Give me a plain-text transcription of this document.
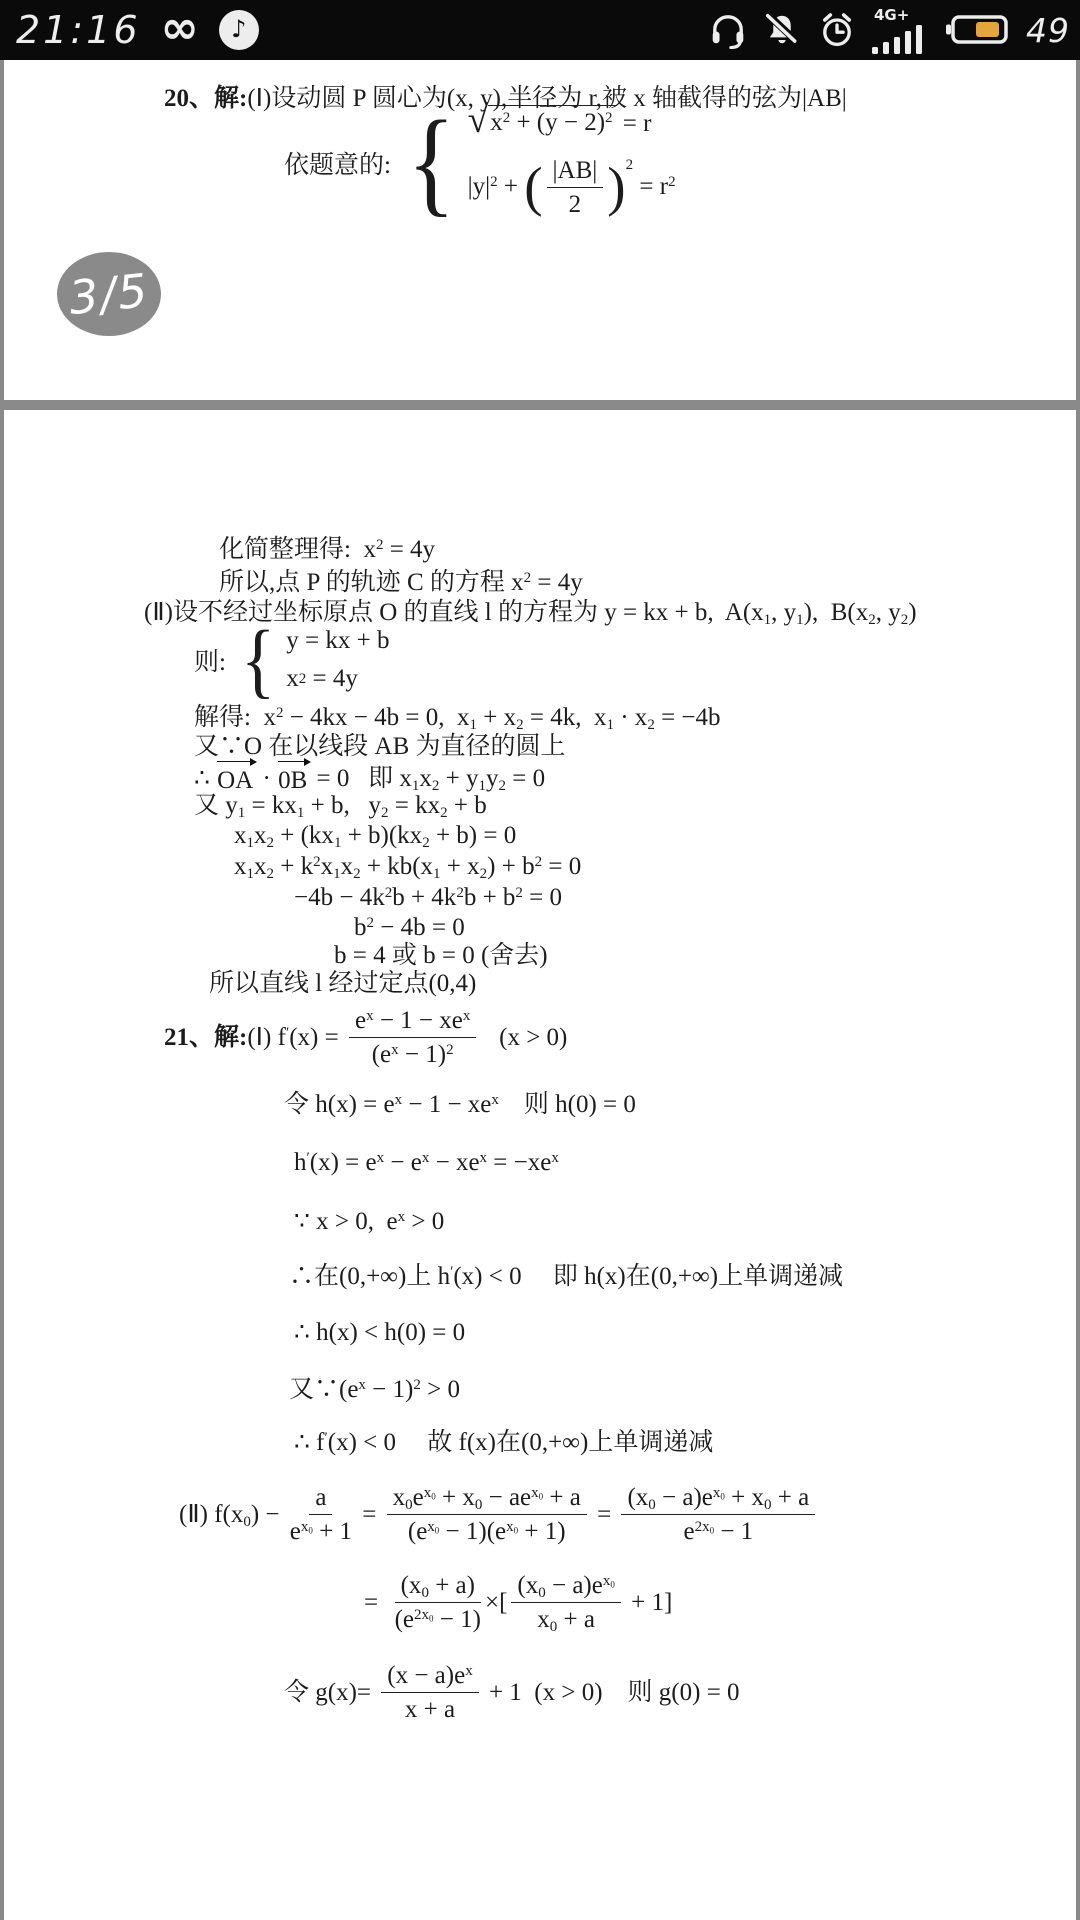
21:16 ∞ ♪	4G+	49
20、解: (Ⅰ)设动圆 P 圆心为(x, y),半径为 r,被 x 轴截得的弦为|AB|
依题意的: { √ $x^2 + (y - 2)^2 = r$
$|y|^2$ + ( $\frac{|AB|}{2}$ ) 2
= $r^2$
化简整理得:  $x^2 = 4y$
所以,点 P 的轨迹 C 的方程 $x^2 = 4y$
(Ⅱ)设不经过坐标原点 O 的直线 l 的方程为 y = kx + b,  $A(x_1$, $y_1$),  $B(x_2$, $y_2$)
则: { y = kx + b
x 2 = 4y
解得:  $x^2 - 4kx - 4b = 0$,  $x_1 + x_2 = 4k$,  $x_1 \cdot x_2 = -4b$
又∵O 在以线段 AB 为直径的圆上
∴ OA · 0B = 0   即 $x_1x_2 + y_1y_2 = 0$
又 $y_1 = kx_1 + b$,   $y_2 = kx_2 + b$
$x_1x_2 + (kx_1 + b)(kx_2 + b) = 0$
$x_1x_2 + k^2x_1x_2 + kb(x_1 + x_2) + b^2 = 0$
$-4b - 4k^2b + 4k^2b + b^2 = 0$
$b^2 - 4b = 0$
b = 4 或 b = 0 (舍去)
所以直线 l 经过定点(0,4)
21、解: (Ⅰ) $f'(x) = \frac{e^x - 1 - xe^x}{(e^x - 1)^2} (x > 0)$
令 $h(x) = e^x - 1 - xe^x$    则 h(0) = 0
$h'(x) = e^x - e^x - xe^x = -xe^x$
∵ x > 0,  $e^x > 0$
∴在(0,+∞)上 h′(x) < 0     即 h(x)在(0,+∞)上单调递减
∴ h(x) < h(0) = 0
又$\because(e^x - 1)^2 > 0$
∴ f′(x) < 0     故 f(x)在(0,+∞)上单调递减
(Ⅱ) $f(x_0) - \frac{a}{e^{x_0} + 1} = \frac{x_0e^{x_0} + x_0 - ae^{x_0} + a}{(e^{x_0} - 1)(e^{x_0} + 1)} = \frac{(x_0 - a)e^{x_0} + x_0 + a}{e^{2x_0} - 1}$
= $\frac{(x_0 + a)}{(e^{2x_0} - 1)}$ ×[ $\frac{(x_0 - a)e^{x_0}}{x_0 + a} + 1$]
令 $g(x)= \frac{(x - a)e^x}{x + a} + 1$  (x > 0)    则 g(0) = 0
3/5
